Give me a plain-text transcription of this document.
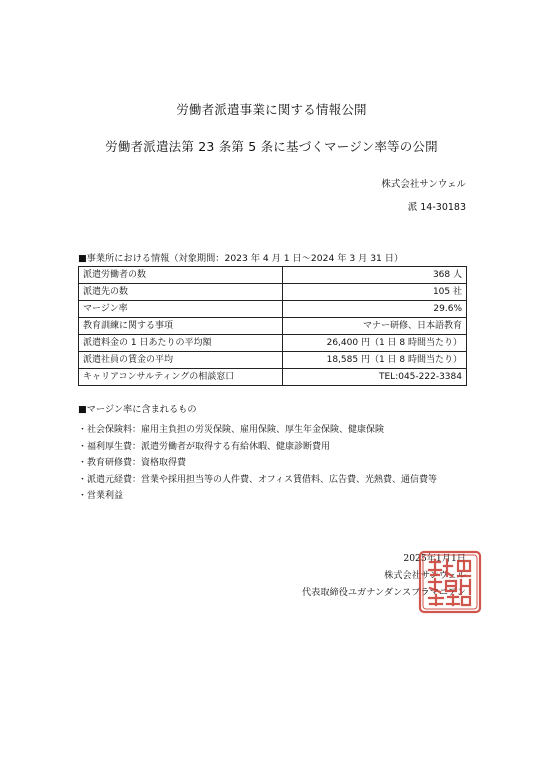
労働者派遣事業に関する情報公開
労働者派遣法第 23 条第 5 条に基づくマージン率等の公開
株式会社サンウェル
派 14-30183
■事業所における情報（対象期間：2023 年 4 月 1 日～2024 年 3 月 31 日）
派遣労働者の数	368 人
派遣先の数	105 社
マージン率	29.6%
教育訓練に関する事項	マナー研修、日本語教育
派遣料金の 1 日あたりの平均額	26,400 円（1 日 8 時間当たり）
派遣社員の賃金の平均	18,585 円（1 日 8 時間当たり）
キャリアコンサルティングの相談窓口	TEL:045-222-3384
■マージン率に含まれるもの
・社会保険料：雇用主負担の労災保険、雇用保険、厚生年金保険、健康保険
・福利厚生費：派遣労働者が取得する有給休暇、健康診断費用
・教育研修費：資格取得費
・派遣元経費：営業や採用担当等の人件費、オフィス賃借料、広告費、光熱費、通信費等
・営業利益
2025年1月1日
株式会社サンウェル
代表取締役ユガナンダンスブラマニアン
